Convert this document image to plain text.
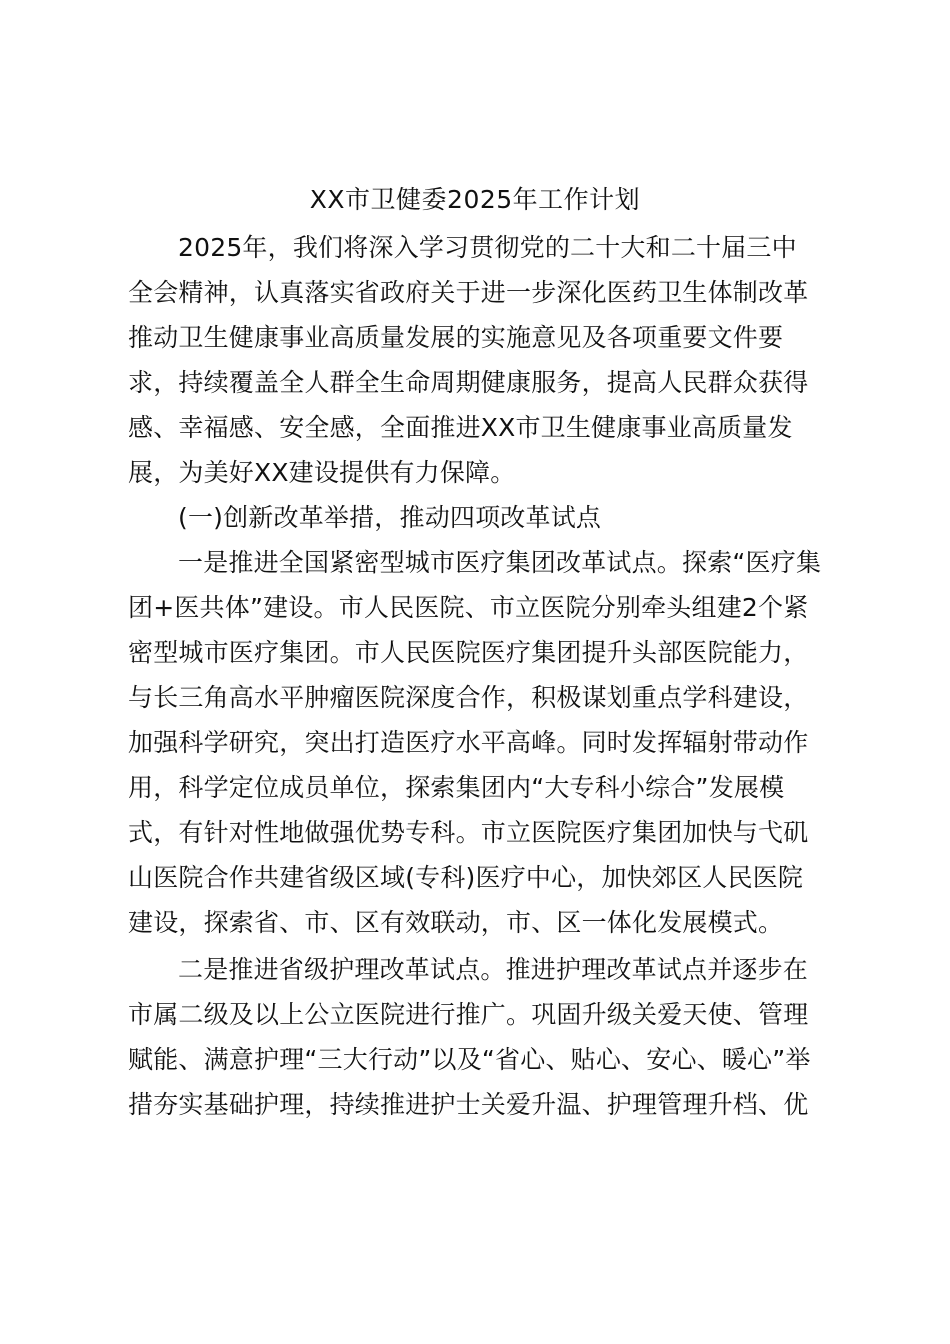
XX市卫健委2025年工作计划
2025年，我们将深入学习贯彻党的二十大和二十届三中
全会精神，认真落实省政府关于进一步深化医药卫生体制改革
推动卫生健康事业高质量发展的实施意见及各项重要文件要
求，持续覆盖全人群全生命周期健康服务，提高人民群众获得
感、幸福感、安全感，全面推进XX市卫生健康事业高质量发
展，为美好XX建设提供有力保障。

(一)创新改革举措，推动四项改革试点

一是推进全国紧密型城市医疗集团改革试点。探索“医疗集
团+医共体”建设。市人民医院、市立医院分别牵头组建2个紧
密型城市医疗集团。市人民医院医疗集团提升头部医院能力，
与长三角高水平肿瘤医院深度合作，积极谋划重点学科建设，
加强科学研究，突出打造医疗水平高峰。同时发挥辐射带动作
用，科学定位成员单位，探索集团内“大专科小综合”发展模
式，有针对性地做强优势专科。市立医院医疗集团加快与弋矶
山医院合作共建省级区域(专科)医疗中心，加快郊区人民医院
建设，探索省、市、区有效联动，市、区一体化发展模式。
二是推进省级护理改革试点。推进护理改革试点并逐步在
市属二级及以上公立医院进行推广。巩固升级关爱天使、管理
赋能、满意护理“三大行动”以及“省心、贴心、安心、暖心”举
措夯实基础护理，持续推进护士关爱升温、护理管理升档、优
